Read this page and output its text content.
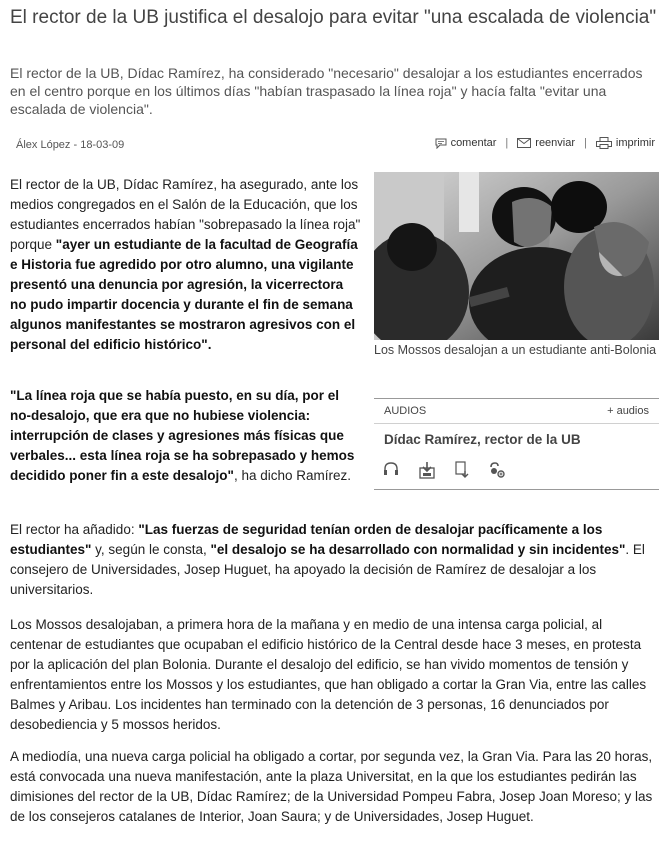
El rector de la UB justifica el desalojo para evitar "una escalada de violencia"

El rector de la UB, Dídac Ramírez, ha considerado "necesario" desalojar a los estudiantes encerrados en el centro porque en los últimos días "habían traspasado la línea roja" y hacía falta "evitar una escalada de violencia".

Álex López - 18-03-09	comentar | reenviar |	imprimir

El rector de la UB, Dídac Ramírez, ha asegurado, ante los medios congregados en el Salón de la Educación, que los estudiantes encerrados habían "sobrepasado la línea roja" porque "ayer un estudiante de la facultad de Geografía e Historia fue agredido por otro alumno, una vigilante presentó una denuncia por agresión, la vicerrectora no pudo impartir docencia y durante el fin de semana algunos manifestantes se mostraron agresivos con el personal del edificio histórico".

"La línea roja que se había puesto, en su día, por el no-desalojo, que era que no hubiese violencia: interrupción de clases y agresiones más físicas que verbales... esta línea roja se ha sobrepasado y hemos decidido poner fin a este desalojo", ha dicho Ramírez.

El rector ha añadido: "Las fuerzas de seguridad tenían orden de desalojar pacíficamente a los estudiantes" y, según le consta, "el desalojo se ha desarrollado con normalidad y sin incidentes". El consejero de Universidades, Josep Huguet, ha apoyado la decisión de Ramírez de desalojar a los universitarios.

Los Mossos desalojaban, a primera hora de la mañana y en medio de una intensa carga policial, al centenar de estudiantes que ocupaban el edificio histórico de la Central desde hace 3 meses, en protesta por la aplicación del plan Bolonia. Durante el desalojo del edificio, se han vivido momentos de tensión y enfrentamientos entre los Mossos y los estudiantes, que han obligado a cortar la Gran Via, entre las calles Balmes y Aribau. Los incidentes han terminado con la detención de 3 personas, 16 denunciados por desobediencia y 5 mossos heridos.

A mediodía, una nueva carga policial ha obligado a cortar, por segunda vez, la Gran Via. Para las 20 horas, está convocada una nueva manifestación, ante la plaza Universitat, en la que los estudiantes pedirán las dimisiones del rector de la UB, Dídac Ramírez; de la Universidad Pompeu Fabra, Josep Joan Moreso; y las de los consejeros catalanes de Interior, Joan Saura; y de Universidades, Josep Huguet.

Los Mossos desalojan a un estudiante anti-Bolonia
AUDIOS	+ audios
Dídac Ramírez, rector de la UB
